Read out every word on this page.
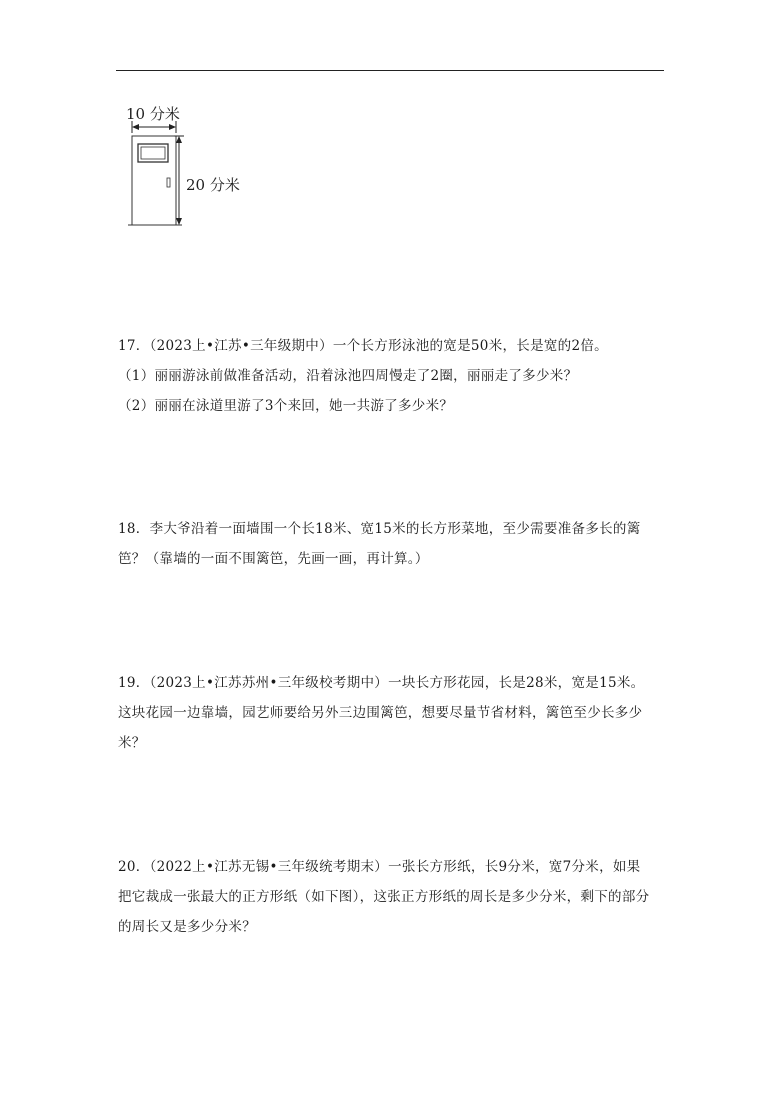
10 分米
20 分米

17．（2023上•江苏•三年级期中）一个长方形泳池的宽是50米，长是宽的2倍。

（1）丽丽游泳前做准备活动，沿着泳池四周慢走了2圈，丽丽走了多少米？

（2）丽丽在泳道里游了3个来回，她一共游了多少米？

18．李大爷沿着一面墙围一个长18米、宽15米的长方形菜地，至少需要准备多长的篱

笆？（靠墙的一面不围篱笆，先画一画，再计算。）

19．（2023上•江苏苏州•三年级校考期中）一块长方形花园，长是28米，宽是15米。

这块花园一边靠墙，园艺师要给另外三边围篱笆，想要尽量节省材料，篱笆至少长多少

米？

20．（2022上•江苏无锡•三年级统考期末）一张长方形纸，长9分米，宽7分米，如果

把它裁成一张最大的正方形纸（如下图），这张正方形纸的周长是多少分米，剩下的部分

的周长又是多少分米？
